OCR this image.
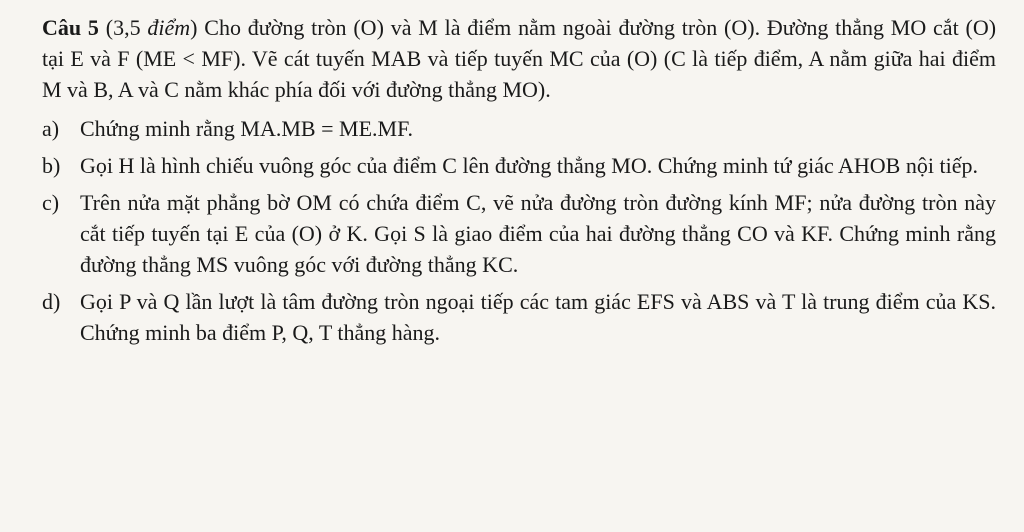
Câu 5 (3,5 điểm) Cho đường tròn (O) và M là điểm nằm ngoài đường tròn (O). Đường thẳng MO cắt (O) tại E và F (ME < MF). Vẽ cát tuyến MAB và tiếp tuyến MC của (O) (C là tiếp điểm, A nằm giữa hai điểm M và B, A và C nằm khác phía đối với đường thẳng MO).

a) Chứng minh rằng MA.MB = ME.MF.
b) Gọi H là hình chiếu vuông góc của điểm C lên đường thẳng MO. Chứng minh tứ giác AHOB nội tiếp.
c) Trên nửa mặt phẳng bờ OM có chứa điểm C, vẽ nửa đường tròn đường kính MF; nửa đường tròn này cắt tiếp tuyến tại E của (O) ở K. Gọi S là giao điểm của hai đường thẳng CO và KF. Chứng minh rằng đường thẳng MS vuông góc với đường thẳng KC.
d) Gọi P và Q lần lượt là tâm đường tròn ngoại tiếp các tam giác EFS và ABS và T là trung điểm của KS. Chứng minh ba điểm P, Q, T thẳng hàng.
